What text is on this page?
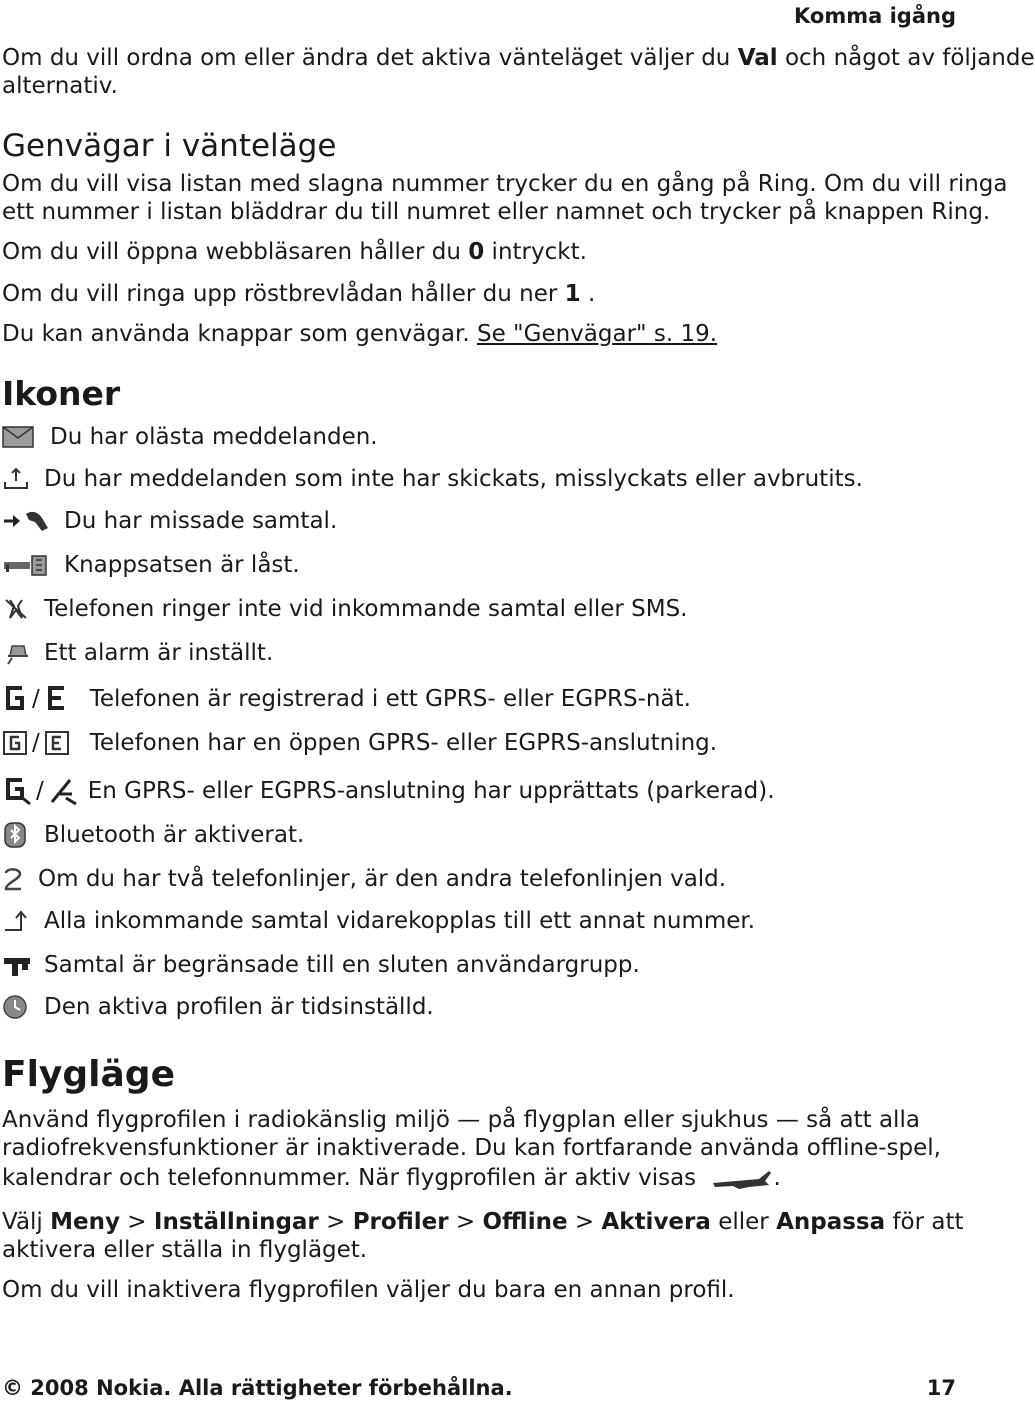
Komma igång
Om du vill ordna om eller ändra det aktiva vänteläget väljer du Val och något av följande
alternativ.
Genvägar i vänteläge
Om du vill visa listan med slagna nummer trycker du en gång på Ring. Om du vill ringa
ett nummer i listan bläddrar du till numret eller namnet och trycker på knappen Ring.
Om du vill öppna webbläsaren håller du 0 intryckt.
Om du vill ringa upp röstbrevlådan håller du ner 1 .
Du kan använda knappar som genvägar. Se "Genvägar" s. 19.
Ikoner
Du har olästa meddelanden.
Du har meddelanden som inte har skickats, misslyckats eller avbrutits.
Du har missade samtal.
Knappsatsen är låst.
Telefonen ringer inte vid inkommande samtal eller SMS.
Ett alarm är inställt.
/ Telefonen är registrerad i ett GPRS- eller EGPRS-nät.
/ Telefonen har en öppen GPRS- eller EGPRS-anslutning.
/ En GPRS- eller EGPRS-anslutning har upprättats (parkerad).
Bluetooth är aktiverat.
Om du har två telefonlinjer, är den andra telefonlinjen vald.
Alla inkommande samtal vidarekopplas till ett annat nummer.
Samtal är begränsade till en sluten användargrupp.
Den aktiva profilen är tidsinställd.
Flygläge
Använd flygprofilen i radiokänslig miljö — på flygplan eller sjukhus — så att alla
radiofrekvensfunktioner är inaktiverade. Du kan fortfarande använda offline-spel,
kalendrar och telefonnummer. När flygprofilen är aktiv visas	.
Välj Meny > Inställningar > Profiler > Offline > Aktivera eller Anpassa för att
aktivera eller ställa in flygläget.
Om du vill inaktivera flygprofilen väljer du bara en annan profil.
© 2008 Nokia. Alla rättigheter förbehållna.	17
